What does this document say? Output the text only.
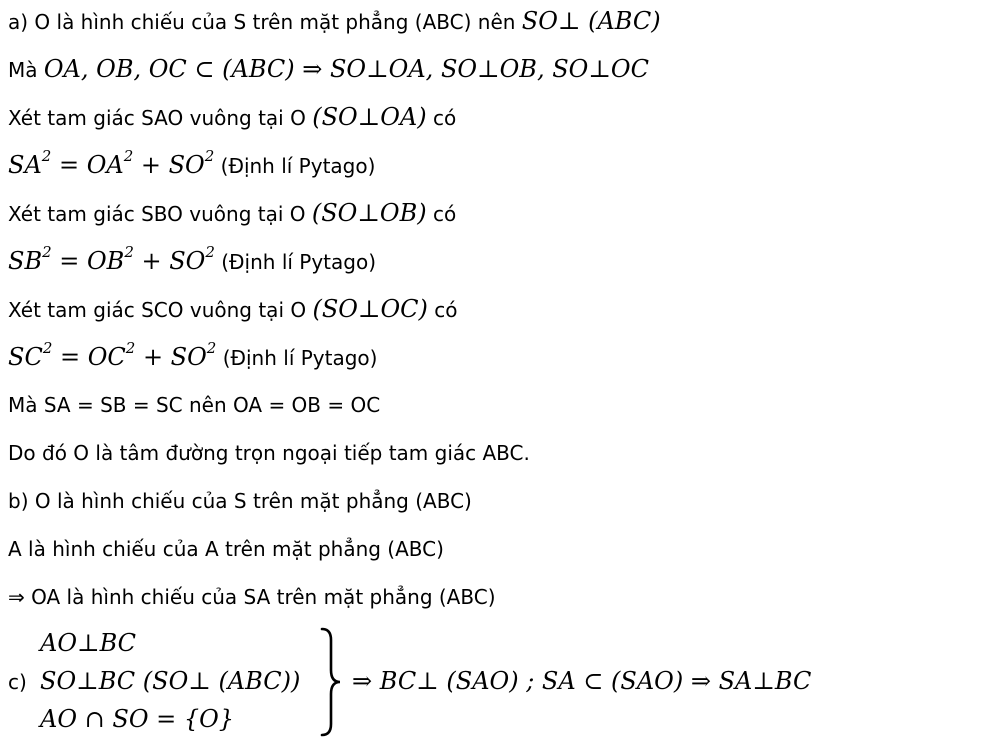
a) O là hình chiếu của S trên mặt phẳng (ABC) nên SO⊥ (ABC)
Mà OA, OB, OC ⊂ (ABC) ⇒ SO⊥OA, SO⊥OB, SO⊥OC
Xét tam giác SAO vuông tại O (SO⊥OA) có
$SA^2 = OA^2 + SO^2$ (Định lí Pytago)
Xét tam giác SBO vuông tại O (SO⊥OB) có
$SB^2 = OB^2 + SO^2$ (Định lí Pytago)
Xét tam giác SCO vuông tại O (SO⊥OC) có
$SC^2 = OC^2 + SO^2$ (Định lí Pytago)
Mà SA = SB = SC nên OA = OB = OC
Do đó O là tâm đường trọn ngoại tiếp tam giác ABC.
b) O là hình chiếu của S trên mặt phẳng (ABC)
A là hình chiếu của A trên mặt phẳng (ABC)
⇒ OA là hình chiếu của SA trên mặt phẳng (ABC)
c)
AO⊥BC
SO⊥BC (SO⊥ (ABC))
AO ∩ SO = {O}
⇒ BC⊥ (SAO) ; SA ⊂ (SAO) ⇒ SA⊥BC
